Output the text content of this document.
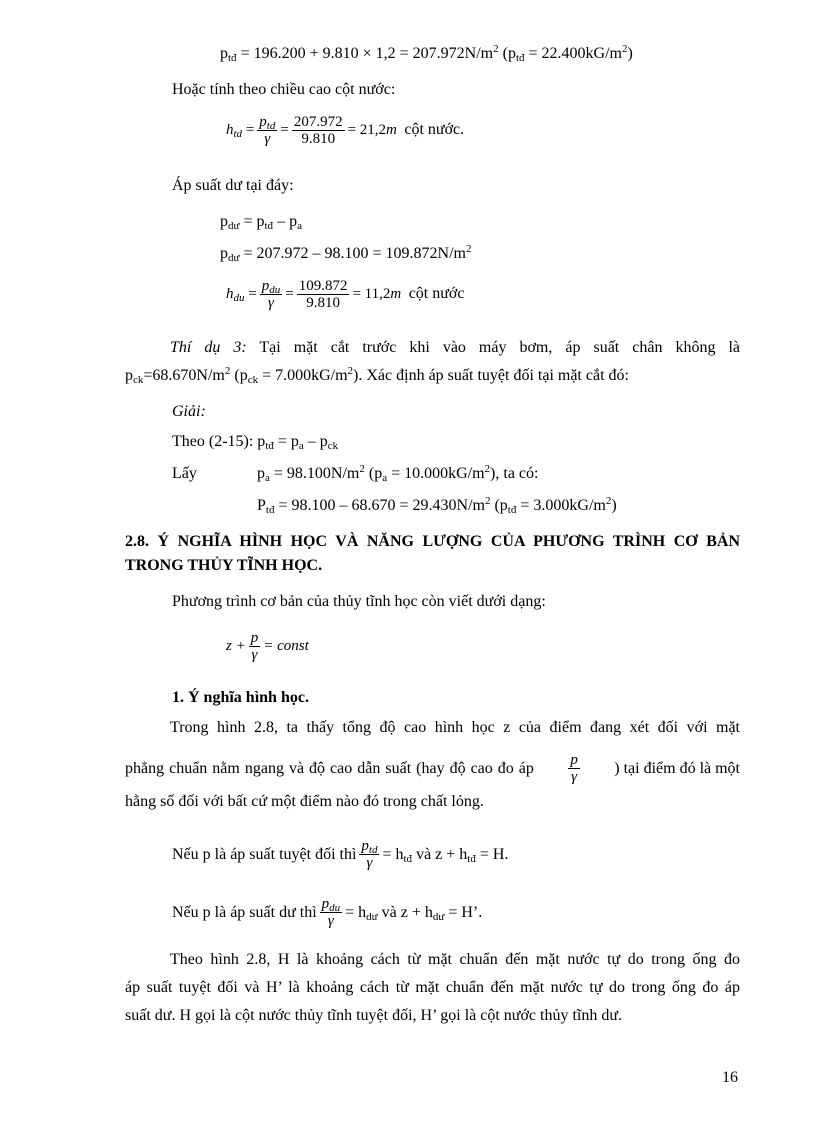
$p_{tđ} = 196.200 + 9.810 \times 1,2 = 207.972N/m^2$ $(p_{tđ} = 22.400kG/m^2)$
Hoặc tính theo chiều cao cột nước:
$h_{td} = \frac{p_{td}}{\gamma} = \frac{207.972}{9.810} = 21,2m$ cột nước.
Áp suất dư tại đáy:
$p_{dư} = p_{tđ} - p_a$
$p_{dư} = 207.972 - 98.100 = 109.872N/m^2$
$h_{du} = \frac{p_{du}}{\gamma} = \frac{109.872}{9.810} = 11,2m$ cột nước
Thí dụ 3: Tại mặt cắt trước khi vào máy bơm, áp suất chân không là
$p_{ck}=68.670N/m^2$ $(p_{ck} = 7.000kG/m^2)$. Xác định áp suất tuyệt đối tại mặt cắt đó:
Giải:
Theo (2-15): $p_{tđ} = p_a - p_{ck}$
Lấy	$p_a = 98.100N/m^2$ $(p_a = 10.000kG/m^2)$, ta có:
$P_{tđ} = 98.100 - 68.670 = 29.430N/m^2$ $(p_{tđ} = 3.000kG/m^2)$
2.8. Ý NGHĨA HÌNH HỌC VÀ NĂNG LƯỢNG CỦA PHƯƠNG TRÌNH CƠ BẢN TRONG THỦY TĨNH HỌC.
Phương trình cơ bản của thủy tĩnh học còn viết dưới dạng:
$z + \frac{p}{\gamma}$ = const
1. Ý nghĩa hình học.
Trong hình 2.8, ta thấy tổng độ cao hình học z của điểm đang xét đối với mặt
phẳng chuẩn nằm ngang và độ cao dẫn suất (hay độ cao đo áp $\frac{p}{\gamma}$ ) tại điểm đó là một
hằng số đối với bất cứ một điểm nào đó trong chất lỏng.
Nếu p là áp suất tuyệt đối thì $\frac{p_{td}}{\gamma} = h_{tđ}$ và $z + h_{tđ} = H$.
Nếu p là áp suất dư thì $\frac{p_{du}}{\gamma} = h_{dư}$ và $z + h_{dư} = H$’.
Theo hình 2.8, H là khoảng cách từ mặt chuẩn đến mặt nước tự do trong ống đo
áp suất tuyệt đối và H’ là khoảng cách từ mặt chuẩn đến mặt nước tự do trong ống đo áp
suất dư. H gọi là cột nước thủy tĩnh tuyệt đối, H’ gọi là cột nước thủy tĩnh dư.
16
